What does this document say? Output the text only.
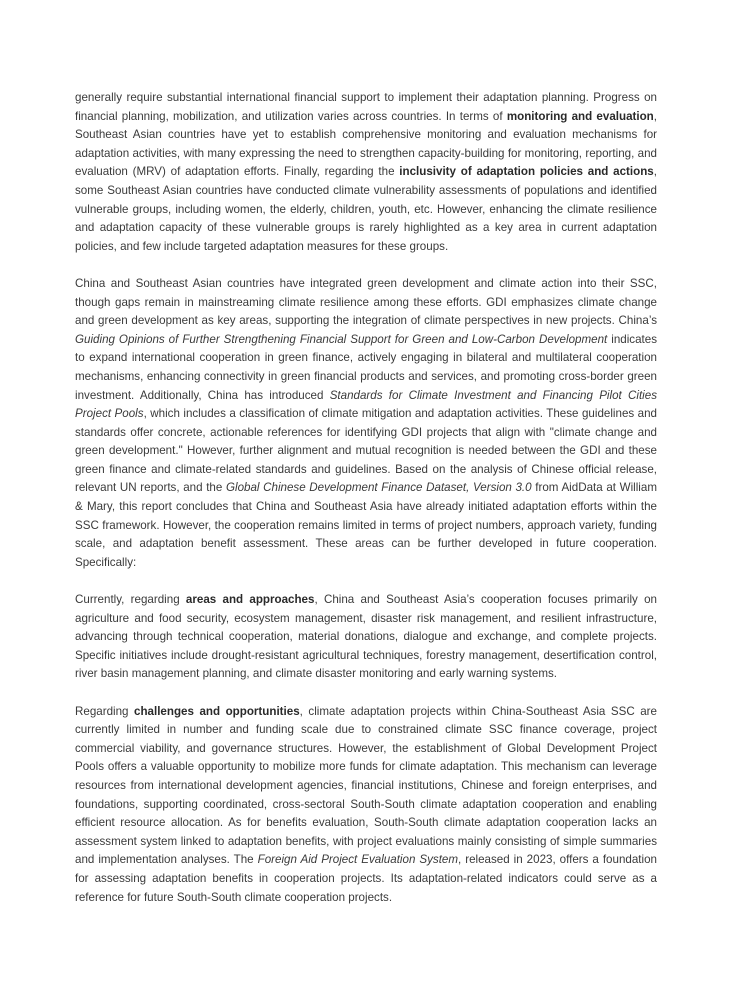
generally require substantial international financial support to implement their adaptation planning. Progress on financial planning, mobilization, and utilization varies across countries. In terms of monitoring and evaluation, Southeast Asian countries have yet to establish comprehensive monitoring and evaluation mechanisms for adaptation activities, with many expressing the need to strengthen capacity-building for monitoring, reporting, and evaluation (MRV) of adaptation efforts. Finally, regarding the inclusivity of adaptation policies and actions, some Southeast Asian countries have conducted climate vulnerability assessments of populations and identified vulnerable groups, including women, the elderly, children, youth, etc. However, enhancing the climate resilience and adaptation capacity of these vulnerable groups is rarely highlighted as a key area in current adaptation policies, and few include targeted adaptation measures for these groups.

China and Southeast Asian countries have integrated green development and climate action into their SSC, though gaps remain in mainstreaming climate resilience among these efforts. GDI emphasizes climate change and green development as key areas, supporting the integration of climate perspectives in new projects. China’s Guiding Opinions of Further Strengthening Financial Support for Green and Low-Carbon Development indicates to expand international cooperation in green finance, actively engaging in bilateral and multilateral cooperation mechanisms, enhancing connectivity in green financial products and services, and promoting cross-border green investment. Additionally, China has introduced Standards for Climate Investment and Financing Pilot Cities Project Pools, which includes a classification of climate mitigation and adaptation activities. These guidelines and standards offer concrete, actionable references for identifying GDI projects that align with "climate change and green development." However, further alignment and mutual recognition is needed between the GDI and these green finance and climate-related standards and guidelines. Based on the analysis of Chinese official release, relevant UN reports, and the Global Chinese Development Finance Dataset, Version 3.0 from AidData at William & Mary, this report concludes that China and Southeast Asia have already initiated adaptation efforts within the SSC framework. However, the cooperation remains limited in terms of project numbers, approach variety, funding scale, and adaptation benefit assessment. These areas can be further developed in future cooperation. Specifically:

Currently, regarding areas and approaches, China and Southeast Asia’s cooperation focuses primarily on agriculture and food security, ecosystem management, disaster risk management, and resilient infrastructure, advancing through technical cooperation, material donations, dialogue and exchange, and complete projects. Specific initiatives include drought-resistant agricultural techniques, forestry management, desertification control, river basin management planning, and climate disaster monitoring and early warning systems.

Regarding challenges and opportunities, climate adaptation projects within China-Southeast Asia SSC are currently limited in number and funding scale due to constrained climate SSC finance coverage, project commercial viability, and governance structures. However, the establishment of Global Development Project Pools offers a valuable opportunity to mobilize more funds for climate adaptation. This mechanism can leverage resources from international development agencies, financial institutions, Chinese and foreign enterprises, and foundations, supporting coordinated, cross-sectoral South-South climate adaptation cooperation and enabling efficient resource allocation. As for benefits evaluation, South-South climate adaptation cooperation lacks an assessment system linked to adaptation benefits, with project evaluations mainly consisting of simple summaries and implementation analyses. The Foreign Aid Project Evaluation System, released in 2023, offers a foundation for assessing adaptation benefits in cooperation projects. Its adaptation-related indicators could serve as a reference for future South-South climate cooperation projects.
